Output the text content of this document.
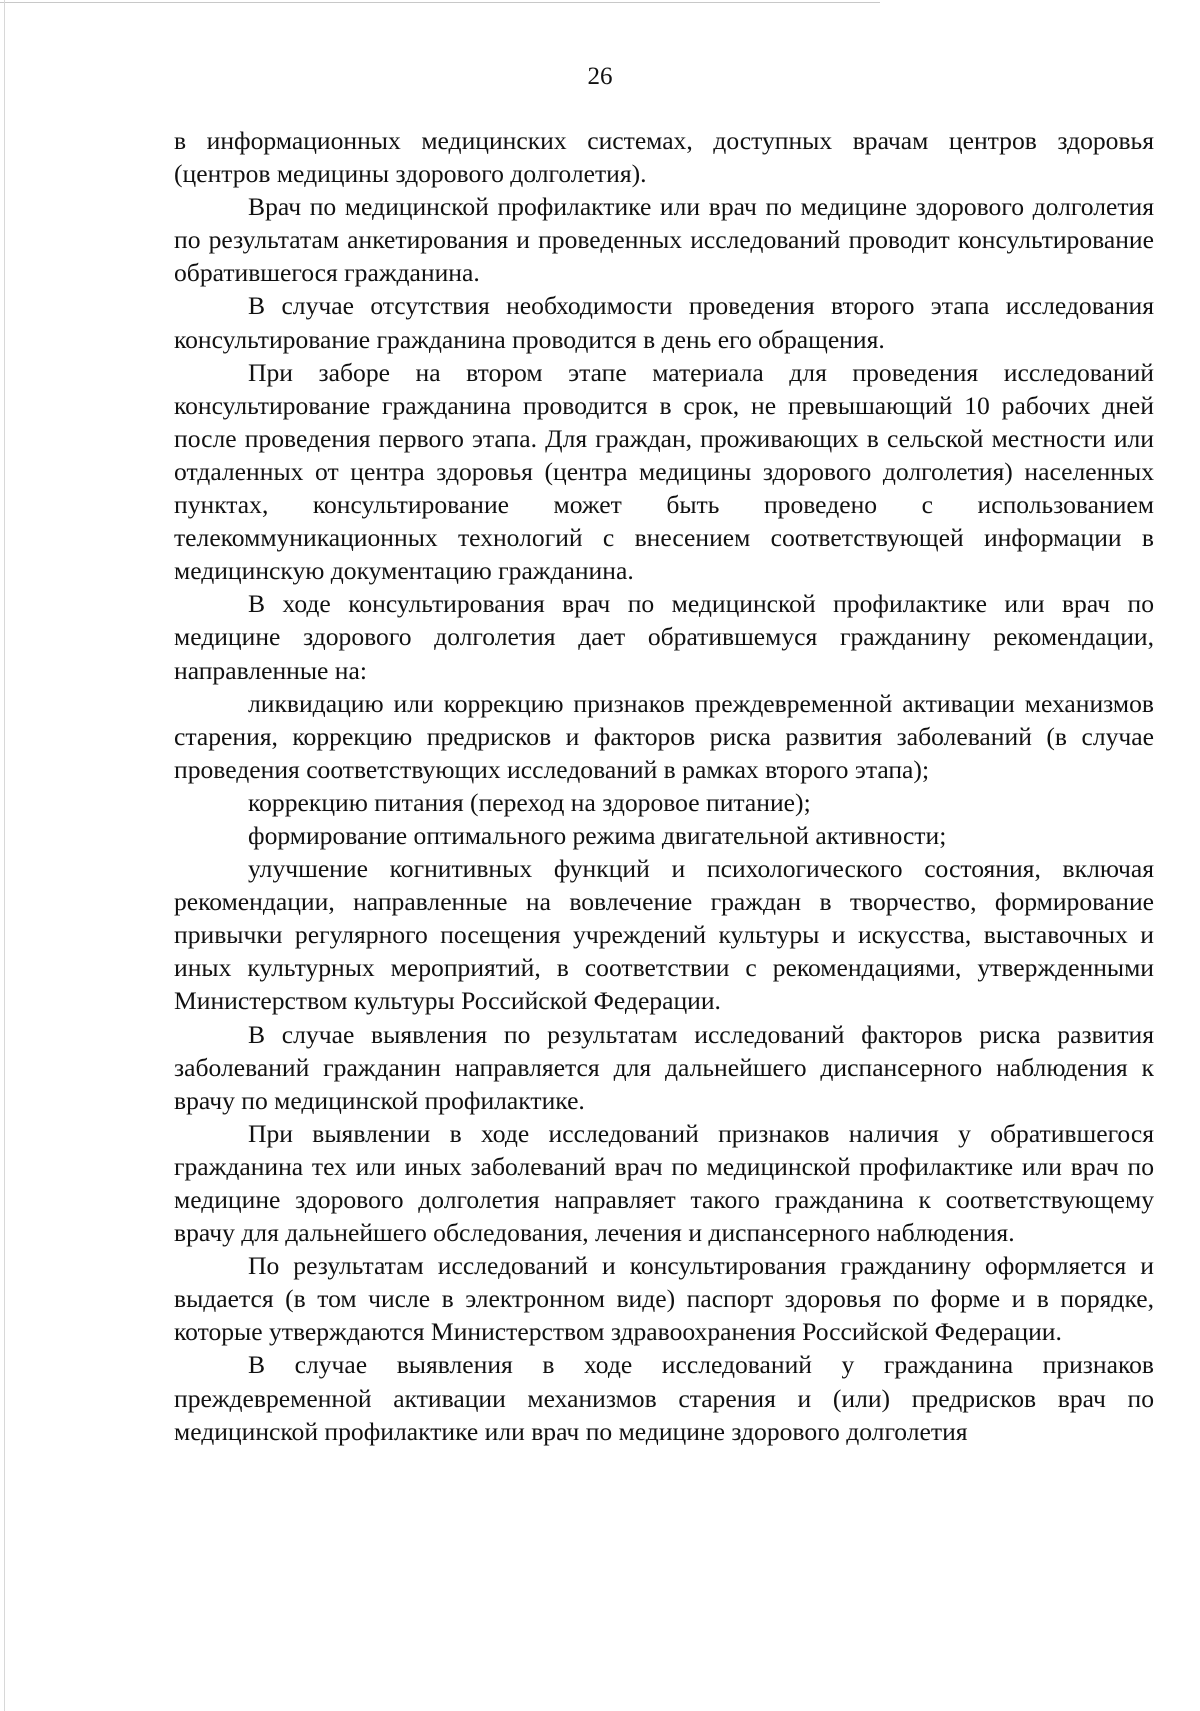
26

в информационных медицинских системах, доступных врачам центров здоровья (центров медицины здорового долголетия).

Врач по медицинской профилактике или врач по медицине здорового долголетия по результатам анкетирования и проведенных исследований проводит консультирование обратившегося гражданина.

В случае отсутствия необходимости проведения второго этапа исследования консультирование гражданина проводится в день его обращения.

При заборе на втором этапе материала для проведения исследований консультирование гражданина проводится в срок, не превышающий 10 рабочих дней после проведения первого этапа. Для граждан, проживающих в сельской местности или отдаленных от центра здоровья (центра медицины здорового долголетия) населенных пунктах, консультирование может быть проведено с использованием телекоммуникационных технологий с внесением соответствующей информации в медицинскую документацию гражданина.

В ходе консультирования врач по медицинской профилактике или врач по медицине здорового долголетия дает обратившемуся гражданину рекомендации, направленные на:

ликвидацию или коррекцию признаков преждевременной активации механизмов старения, коррекцию предрисков и факторов риска развития заболеваний (в случае проведения соответствующих исследований в рамках второго этапа);

коррекцию питания (переход на здоровое питание);

формирование оптимального режима двигательной активности;

улучшение когнитивных функций и психологического состояния, включая рекомендации, направленные на вовлечение граждан в творчество, формирование привычки регулярного посещения учреждений культуры и искусства, выставочных и иных культурных мероприятий, в соответствии с рекомендациями, утвержденными Министерством культуры Российской Федерации.

В случае выявления по результатам исследований факторов риска развития заболеваний гражданин направляется для дальнейшего диспансерного наблюдения к врачу по медицинской профилактике.

При выявлении в ходе исследований признаков наличия у обратившегося гражданина тех или иных заболеваний врач по медицинской профилактике или врач по медицине здорового долголетия направляет такого гражданина к соответствующему врачу для дальнейшего обследования, лечения и диспансерного наблюдения.

По результатам исследований и консультирования гражданину оформляется и выдается (в том числе в электронном виде) паспорт здоровья по форме и в порядке, которые утверждаются Министерством здравоохранения Российской Федерации.

В случае выявления в ходе исследований у гражданина признаков преждевременной активации механизмов старения и (или) предрисков врач по медицинской профилактике или врач по медицине здорового долголетия
